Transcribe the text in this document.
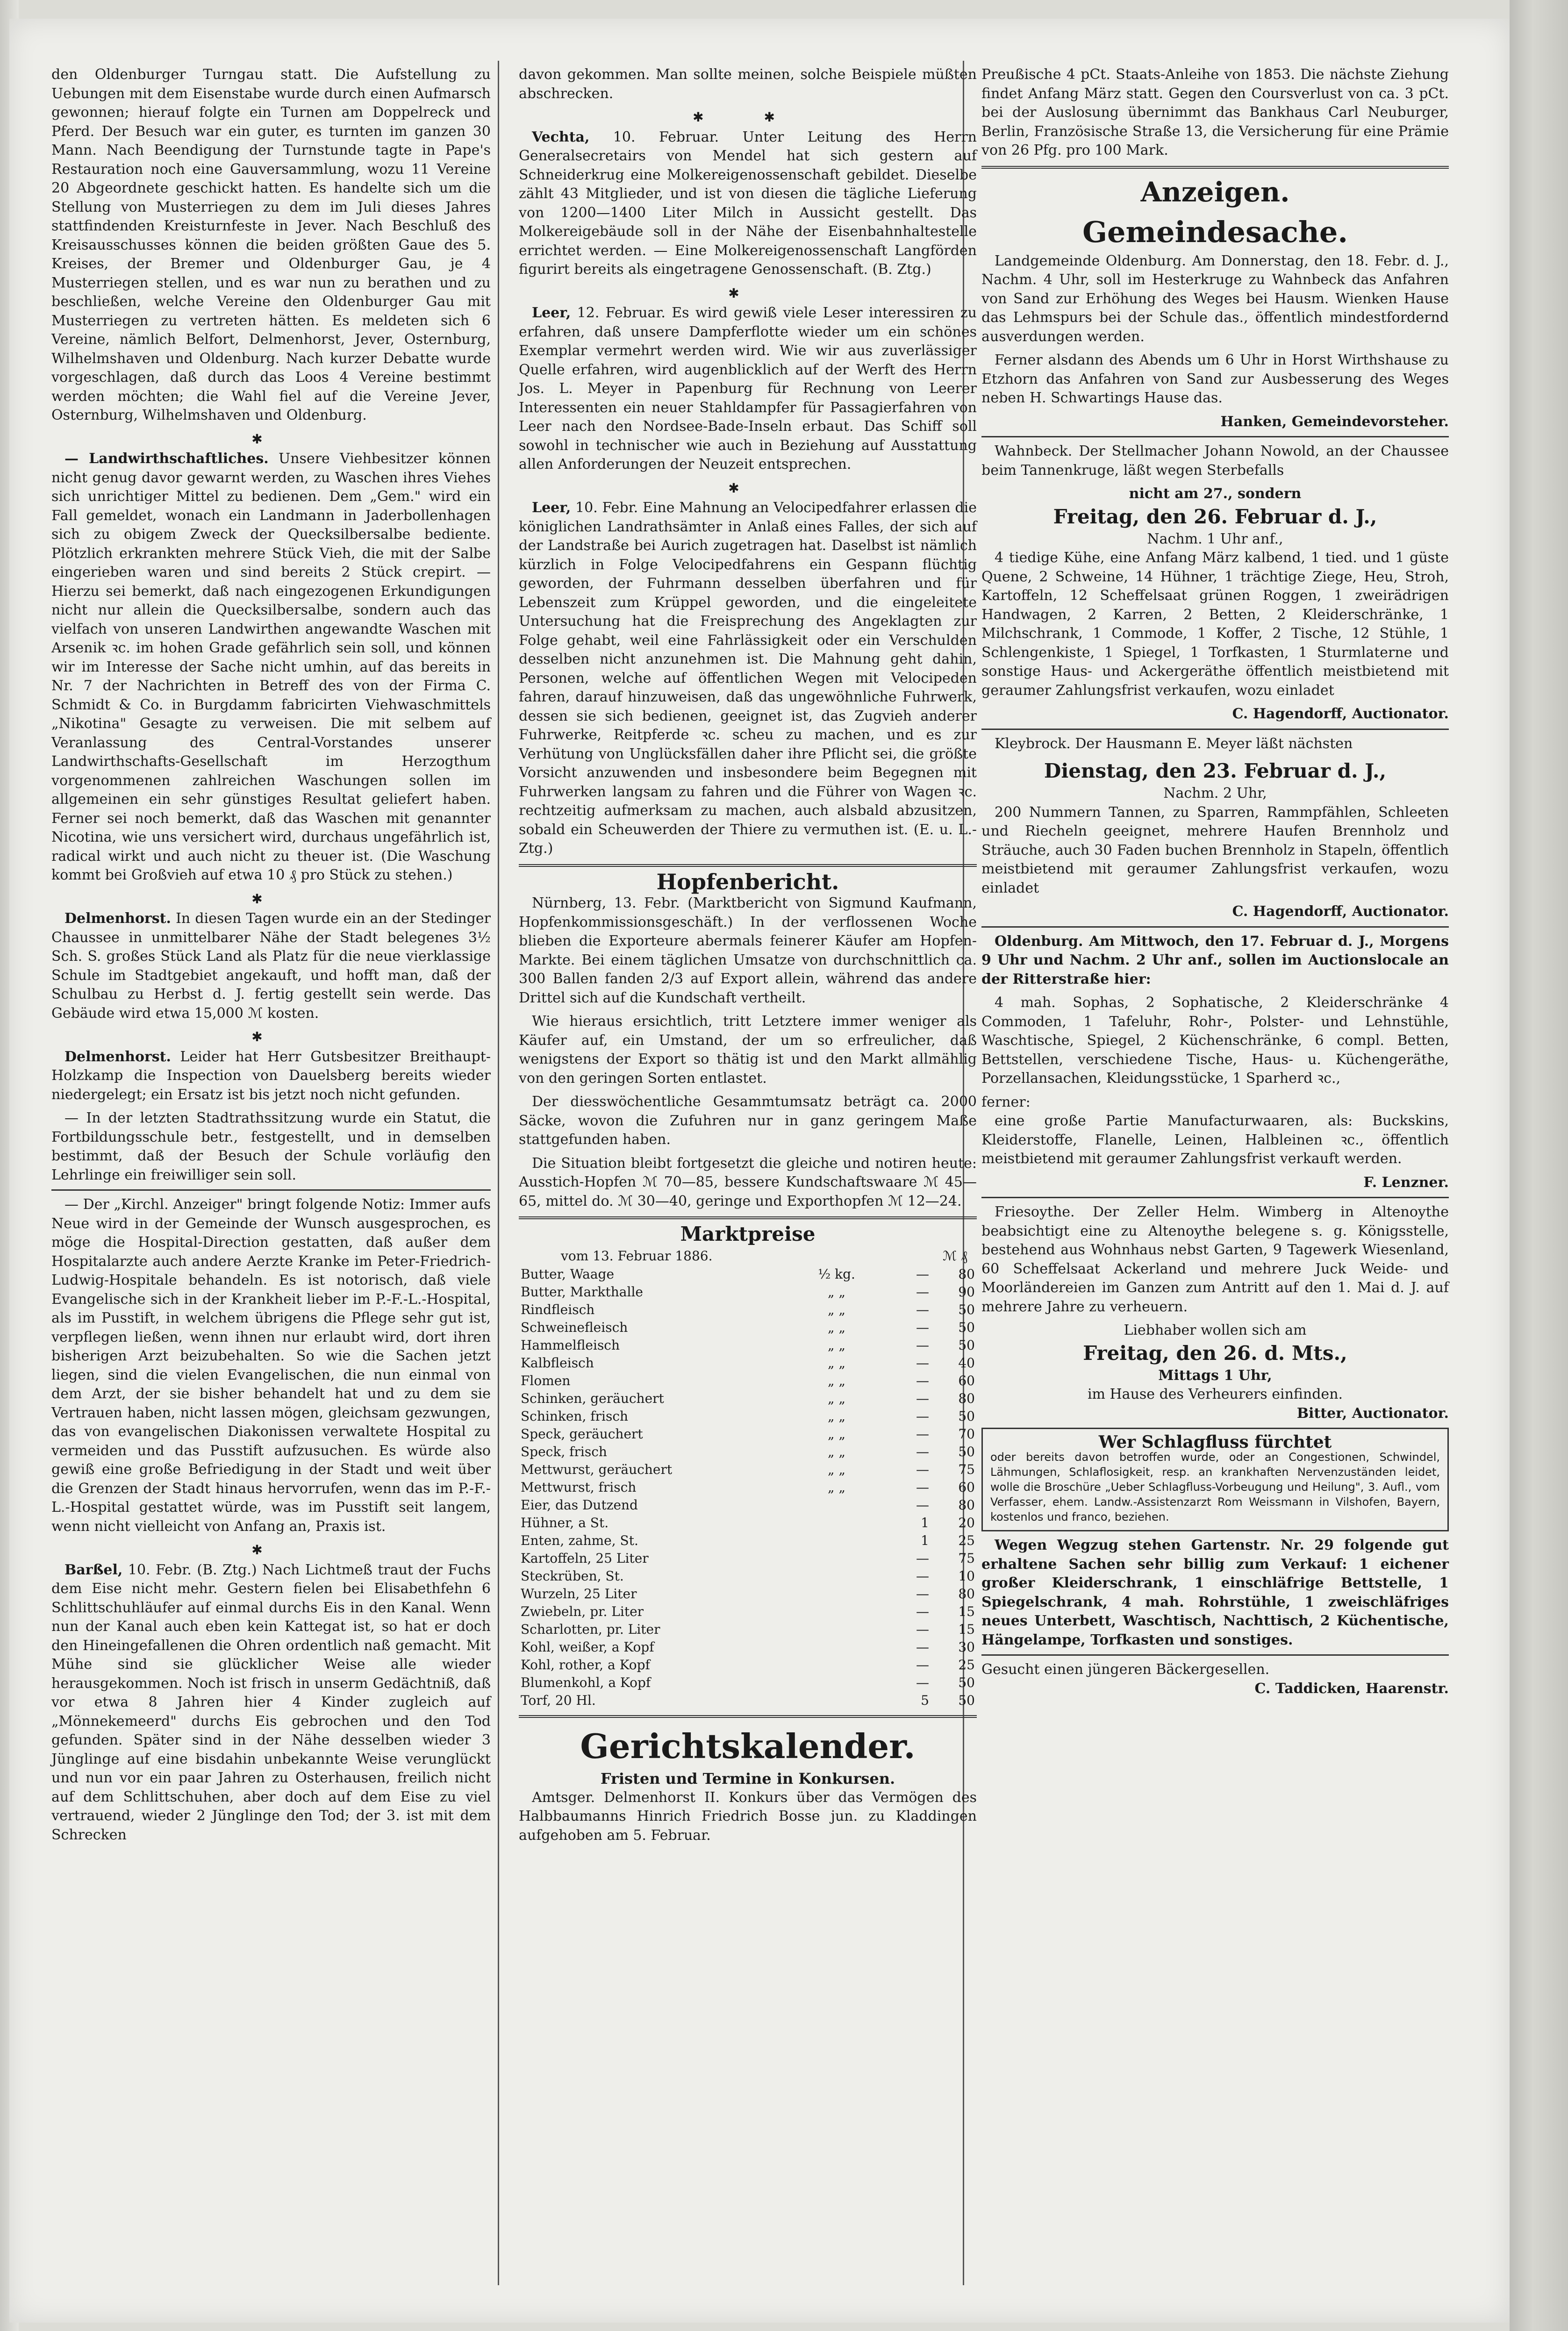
den Oldenburger Turngau statt. Die Aufstellung zu Uebungen mit dem Eisenstabe wurde durch einen Aufmarsch gewonnen; hierauf folgte ein Turnen am Doppelreck und Pferd. Der Besuch war ein guter, es turnten im ganzen 30 Mann. Nach Beendigung der Turnstunde tagte in Pape's Restauration noch eine Gauversammlung, wozu 11 Vereine 20 Abgeordnete geschickt hatten. Es handelte sich um die Stellung von Musterriegen zu dem im Juli dieses Jahres stattfindenden Kreisturnfeste in Jever. Nach Beschluß des Kreisausschusses können die beiden größten Gaue des 5. Kreises, der Bremer und Oldenburger Gau, je 4 Musterriegen stellen, und es war nun zu berathen und zu beschließen, welche Vereine den Oldenburger Gau mit Musterriegen zu vertreten hätten. Es meldeten sich 6 Vereine, nämlich Belfort, Delmenhorst, Jever, Osternburg, Wilhelmshaven und Oldenburg. Nach kurzer Debatte wurde vorgeschlagen, daß durch das Loos 4 Vereine bestimmt werden möchten; die Wahl fiel auf die Vereine Jever, Osternburg, Wilhelmshaven und Oldenburg.

✱

— Landwirthschaftliches. Unsere Viehbesitzer können nicht genug davor gewarnt werden, zu Waschen ihres Viehes sich unrichtiger Mittel zu bedienen. Dem „Gem." wird ein Fall gemeldet, wonach ein Landmann in Jaderbollenhagen sich zu obigem Zweck der Quecksilbersalbe bediente. Plötzlich erkrankten mehrere Stück Vieh, die mit der Salbe eingerieben waren und sind bereits 2 Stück crepirt. — Hierzu sei bemerkt, daß nach eingezogenen Erkundigungen nicht nur allein die Quecksilbersalbe, sondern auch das vielfach von unseren Landwirthen angewandte Waschen mit Arsenik ꝛc. im hohen Grade gefährlich sein soll, und können wir im Interesse der Sache nicht umhin, auf das bereits in Nr. 7 der Nachrichten in Betreff des von der Firma C. Schmidt & Co. in Burgdamm fabricirten Viehwaschmittels „Nikotina" Gesagte zu verweisen. Die mit selbem auf Veranlassung des Central-Vorstandes unserer Landwirthschafts-Gesellschaft im Herzogthum vorgenommenen zahlreichen Waschungen sollen im allgemeinen ein sehr günstiges Resultat geliefert haben. Ferner sei noch bemerkt, daß das Waschen mit genannter Nicotina, wie uns versichert wird, durchaus ungefährlich ist, radical wirkt und auch nicht zu theuer ist. (Die Waschung kommt bei Großvieh auf etwa 10 ₰ pro Stück zu stehen.)

✱

Delmenhorst. In diesen Tagen wurde ein an der Stedinger Chaussee in unmittelbarer Nähe der Stadt belegenes 3½ Sch. S. großes Stück Land als Platz für die neue vierklassige Schule im Stadtgebiet angekauft, und hofft man, daß der Schulbau zu Herbst d. J. fertig gestellt sein werde. Das Gebäude wird etwa 15,000 ℳ kosten.

✱

Delmenhorst. Leider hat Herr Gutsbesitzer Breithaupt-Holzkamp die Inspection von Dauelsberg bereits wieder niedergelegt; ein Ersatz ist bis jetzt noch nicht gefunden.

— In der letzten Stadtrathssitzung wurde ein Statut, die Fortbildungsschule betr., festgestellt, und in demselben bestimmt, daß der Besuch der Schule vorläufig den Lehrlinge ein freiwilliger sein soll.

— Der „Kirchl. Anzeiger" bringt folgende Notiz: Immer aufs Neue wird in der Gemeinde der Wunsch ausgesprochen, es möge die Hospital-Direction gestatten, daß außer dem Hospitalarzte auch andere Aerzte Kranke im Peter-Friedrich-Ludwig-Hospitale behandeln. Es ist notorisch, daß viele Evangelische sich in der Krankheit lieber im P.-F.-L.-Hospital, als im Pusstift, in welchem übrigens die Pflege sehr gut ist, verpflegen ließen, wenn ihnen nur erlaubt wird, dort ihren bisherigen Arzt beizubehalten. So wie die Sachen jetzt liegen, sind die vielen Evangelischen, die nun einmal von dem Arzt, der sie bisher behandelt hat und zu dem sie Vertrauen haben, nicht lassen mögen, gleichsam gezwungen, das von evangelischen Diakonissen verwaltete Hospital zu vermeiden und das Pusstift aufzusuchen. Es würde also gewiß eine große Befriedigung in der Stadt und weit über die Grenzen der Stadt hinaus hervorrufen, wenn das im P.-F.-L.-Hospital gestattet würde, was im Pusstift seit langem, wenn nicht vielleicht von Anfang an, Praxis ist.

✱

Barßel, 10. Febr. (B. Ztg.) Nach Lichtmeß traut der Fuchs dem Eise nicht mehr. Gestern fielen bei Elisabethfehn 6 Schlittschuhläufer auf einmal durchs Eis in den Kanal. Wenn nun der Kanal auch eben kein Kattegat ist, so hat er doch den Hineingefallenen die Ohren ordentlich naß gemacht. Mit Mühe sind sie glücklicher Weise alle wieder herausgekommen. Noch ist frisch in unserm Gedächtniß, daß vor etwa 8 Jahren hier 4 Kinder zugleich auf „Mönnekemeerd" durchs Eis gebrochen und den Tod gefunden. Später sind in der Nähe desselben wieder 3 Jünglinge auf eine bisdahin unbekannte Weise verunglückt und nun vor ein paar Jahren zu Osterhausen, freilich nicht auf dem Schlittschuhen, aber doch auf dem Eise zu viel vertrauend, wieder 2 Jünglinge den Tod; der 3. ist mit dem Schrecken

davon gekommen. Man sollte meinen, solche Beispiele müßten abschrecken.

✱ ✱

Vechta, 10. Februar. Unter Leitung des Herrn Generalsecretairs von Mendel hat sich gestern auf Schneiderkrug eine Molkereigenossenschaft gebildet. Dieselbe zählt 43 Mitglieder, und ist von diesen die tägliche Lieferung von 1200—1400 Liter Milch in Aussicht gestellt. Das Molkereigebäude soll in der Nähe der Eisenbahnhaltestelle errichtet werden. — Eine Molkereigenossenschaft Langförden figurirt bereits als eingetragene Genossenschaft. (B. Ztg.)

✱

Leer, 12. Februar. Es wird gewiß viele Leser interessiren zu erfahren, daß unsere Dampferflotte wieder um ein schönes Exemplar vermehrt werden wird. Wie wir aus zuverlässiger Quelle erfahren, wird augenblicklich auf der Werft des Herrn Jos. L. Meyer in Papenburg für Rechnung von Leerer Interessenten ein neuer Stahldampfer für Passagierfahren von Leer nach den Nordsee-Bade-Inseln erbaut. Das Schiff soll sowohl in technischer wie auch in Beziehung auf Ausstattung allen Anforderungen der Neuzeit entsprechen.

✱

Leer, 10. Febr. Eine Mahnung an Velocipedfahrer erlassen die königlichen Landrathsämter in Anlaß eines Falles, der sich auf der Landstraße bei Aurich zugetragen hat. Daselbst ist nämlich kürzlich in Folge Velocipedfahrens ein Gespann flüchtig geworden, der Fuhrmann desselben überfahren und für Lebenszeit zum Krüppel geworden, und die eingeleitete Untersuchung hat die Freisprechung des Angeklagten zur Folge gehabt, weil eine Fahrlässigkeit oder ein Verschulden desselben nicht anzunehmen ist. Die Mahnung geht dahin, Personen, welche auf öffentlichen Wegen mit Velocipeden fahren, darauf hinzuweisen, daß das ungewöhnliche Fuhrwerk, dessen sie sich bedienen, geeignet ist, das Zugvieh anderer Fuhrwerke, Reitpferde ꝛc. scheu zu machen, und es zur Verhütung von Unglücksfällen daher ihre Pflicht sei, die größte Vorsicht anzuwenden und insbesondere beim Begegnen mit Fuhrwerken langsam zu fahren und die Führer von Wagen ꝛc. rechtzeitig aufmerksam zu machen, auch alsbald abzusitzen, sobald ein Scheuwerden der Thiere zu vermuthen ist. (E. u. L.-Ztg.)

Hopfenbericht.

Nürnberg, 13. Febr. (Marktbericht von Sigmund Kaufmann, Hopfenkommissionsgeschäft.) In der verflossenen Woche blieben die Exporteure abermals feinerer Käufer am Hopfen-Markte. Bei einem täglichen Umsatze von durchschnittlich ca. 300 Ballen fanden 2/3 auf Export allein, während das andere Drittel sich auf die Kundschaft vertheilt.

Wie hieraus ersichtlich, tritt Letztere immer weniger als Käufer auf, ein Umstand, der um so erfreulicher, daß wenigstens der Export so thätig ist und den Markt allmählig von den geringen Sorten entlastet.

Der diesswöchentliche Gesammtumsatz beträgt ca. 2000 Säcke, wovon die Zufuhren nur in ganz geringem Maße stattgefunden haben.

Die Situation bleibt fortgesetzt die gleiche und notiren heute: Ausstich-Hopfen ℳ 70—85, bessere Kundschaftswaare ℳ 45—65, mittel do. ℳ 30—40, geringe und Exporthopfen ℳ 12—24.

Marktpreise
vom 13. Februar 1886.	ℳ ₰
Butter, Waage	½ kg.	—	80
Butter, Markthalle	„ „	—	90
Rindfleisch	„ „	—	50
Schweinefleisch	„ „	—	50
Hammelfleisch	„ „	—	50
Kalbfleisch	„ „	—	40
Flomen	„ „	—	60
Schinken, geräuchert	„ „	—	80
Schinken, frisch	„ „	—	50
Speck, geräuchert	„ „	—	70
Speck, frisch	„ „	—	50
Mettwurst, geräuchert	„ „	—	75
Mettwurst, frisch	„ „	—	60
Eier, das Dutzend		—	80
Hühner, a St.		1	20
Enten, zahme, St.		1	25
Kartoffeln, 25 Liter		—	75
Steckrüben, St.		—	10
Wurzeln, 25 Liter		—	80
Zwiebeln, pr. Liter		—	15
Scharlotten, pr. Liter		—	15
Kohl, weißer, a Kopf		—	30
Kohl, rother, a Kopf		—	25
Blumenkohl, a Kopf		—	50
Torf, 20 Hl.		5	50
Gerichtskalender.
Fristen und Termine in Konkursen.

Amtsger. Delmenhorst II. Konkurs über das Vermögen des Halbbaumanns Hinrich Friedrich Bosse jun. zu Kladdingen aufgehoben am 5. Februar.

Preußische 4 pCt. Staats-Anleihe von 1853. Die nächste Ziehung findet Anfang März statt. Gegen den Coursverlust von ca. 3 pCt. bei der Auslosung übernimmt das Bankhaus Carl Neuburger, Berlin, Französische Straße 13, die Versicherung für eine Prämie von 26 Pfg. pro 100 Mark.

Anzeigen.
Gemeindesache.

Landgemeinde Oldenburg. Am Donnerstag, den 18. Febr. d. J., Nachm. 4 Uhr, soll im Hesterkruge zu Wahnbeck das Anfahren von Sand zur Erhöhung des Weges bei Hausm. Wienken Hause das Lehmspurs bei der Schule das., öffentlich mindestfordernd ausverdungen werden.

Ferner alsdann des Abends um 6 Uhr in Horst Wirthshause zu Etzhorn das Anfahren von Sand zur Ausbesserung des Weges neben H. Schwartings Hause das.

Hanken, Gemeindevorsteher.

Wahnbeck. Der Stellmacher Johann Nowold, an der Chaussee beim Tannenkruge, läßt wegen Sterbefalls

nicht am 27., sondern
Freitag, den 26. Februar d. J.,
Nachm. 1 Uhr anf.,

4 tiedige Kühe, eine Anfang März kalbend, 1 tied. und 1 güste Quene, 2 Schweine, 14 Hühner, 1 trächtige Ziege, Heu, Stroh, Kartoffeln, 12 Scheffelsaat grünen Roggen, 1 zweirädrigen Handwagen, 2 Karren, 2 Betten, 2 Kleiderschränke, 1 Milchschrank, 1 Commode, 1 Koffer, 2 Tische, 12 Stühle, 1 Schlengenkiste, 1 Spiegel, 1 Torfkasten, 1 Sturmlaterne und sonstige Haus- und Ackergeräthe öffentlich meistbietend mit geraumer Zahlungsfrist verkaufen, wozu einladet

C. Hagendorff, Auctionator.

Kleybrock. Der Hausmann E. Meyer läßt nächsten

Dienstag, den 23. Februar d. J.,
Nachm. 2 Uhr,

200 Nummern Tannen, zu Sparren, Rammpfählen, Schleeten und Riecheln geeignet, mehrere Haufen Brennholz und Sträuche, auch 30 Faden buchen Brennholz in Stapeln, öffentlich meistbietend mit geraumer Zahlungsfrist verkaufen, wozu einladet

C. Hagendorff, Auctionator.

Oldenburg. Am Mittwoch, den 17. Februar d. J., Morgens 9 Uhr und Nachm. 2 Uhr anf., sollen im Auctionslocale an der Ritterstraße hier:

4 mah. Sophas, 2 Sophatische, 2 Kleiderschränke 4 Commoden, 1 Tafeluhr, Rohr-, Polster- und Lehnstühle, Waschtische, Spiegel, 2 Küchenschränke, 6 compl. Betten, Bettstellen, verschiedene Tische, Haus- u. Küchengeräthe, Porzellansachen, Kleidungsstücke, 1 Sparherd ꝛc.,

ferner:

eine große Partie Manufacturwaaren, als: Buckskins, Kleiderstoffe, Flanelle, Leinen, Halbleinen ꝛc., öffentlich meistbietend mit geraumer Zahlungsfrist verkauft werden.

F. Lenzner.

Friesoythe. Der Zeller Helm. Wimberg in Altenoythe beabsichtigt eine zu Altenoythe belegene s. g. Königsstelle, bestehend aus Wohnhaus nebst Garten, 9 Tagewerk Wiesenland, 60 Scheffelsaat Ackerland und mehrere Juck Weide- und Moorländereien im Ganzen zum Antritt auf den 1. Mai d. J. auf mehrere Jahre zu verheuern.

Liebhaber wollen sich am
Freitag, den 26. d. Mts.,
Mittags 1 Uhr,
im Hause des Verheurers einfinden.
Bitter, Auctionator.
Wer Schlagfluss fürchtet
oder bereits davon betroffen wurde, oder an Congestionen, Schwindel, Lähmungen, Schlaflosigkeit, resp. an krankhaften Nervenzuständen leidet, wolle die Broschüre „Ueber Schlagfluss-Vorbeugung und Heilung", 3. Aufl., vom Verfasser, ehem. Landw.-Assistenzarzt Rom Weissmann in Vilshofen, Bayern, kostenlos und franco, beziehen.

Wegen Wegzug stehen Gartenstr. Nr. 29 folgende gut erhaltene Sachen sehr billig zum Verkauf: 1 eichener großer Kleiderschrank, 1 einschläfrige Bettstelle, 1 Spiegelschrank, 4 mah. Rohrstühle, 1 zweischläfriges neues Unterbett, Waschtisch, Nachttisch, 2 Küchentische, Hängelampe, Torfkasten und sonstiges.

Gesucht einen jüngeren Bäckergesellen.
C. Taddicken, Haarenstr.
